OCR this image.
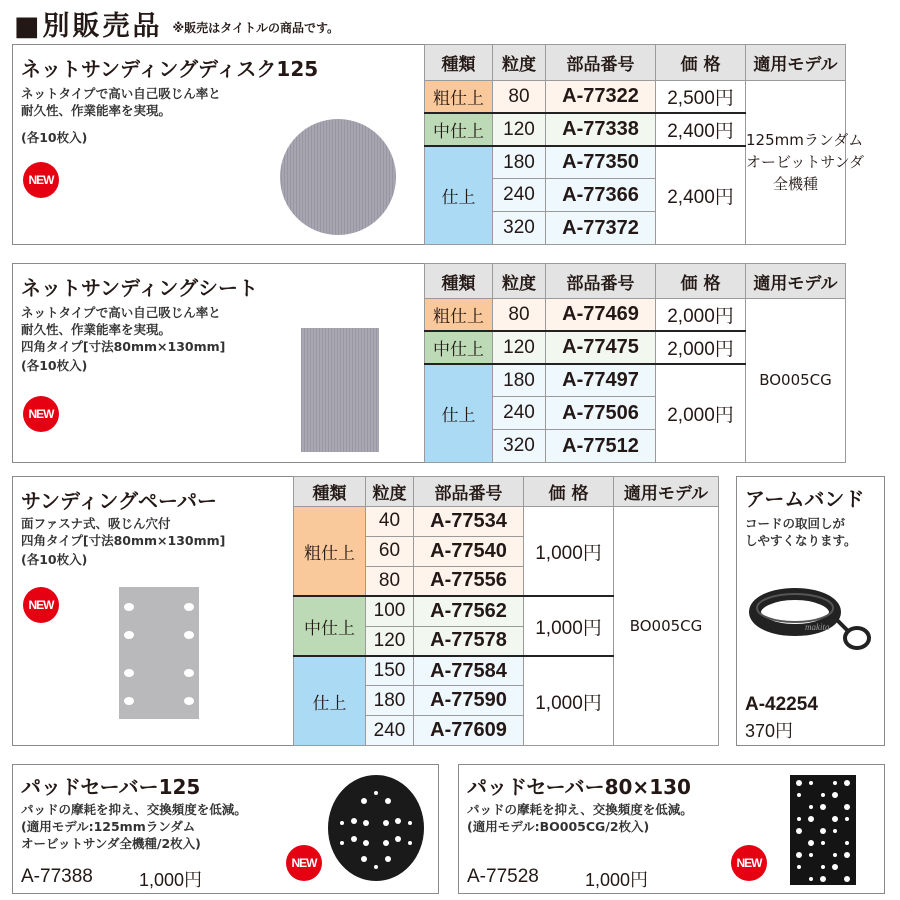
■別販売品 ※販売はタイトルの商品です。
ネットサンディングディスク125
ネットタイプで高い自己吸じん率と
耐久性、作業能率を実現。
(各10枚入)
NEW
種類	粒度	部品番号	価 格	適用モデル
粗仕上	80	A-77322	2,500円	125mmランダム
オービットサンダ
全機種
中仕上	120	A-77338	2,400円	
仕上	180	A-77350	2,400円	
	240	A-77366		
	320	A-77372		
ネットサンディングシート
ネットタイプで高い自己吸じん率と
耐久性、作業能率を実現。
四角タイプ[寸法80mm×130mm]
(各10枚入)
NEW
種類	粒度	部品番号	価 格	適用モデル
粗仕上	80	A-77469	2,000円	BO005CG
中仕上	120	A-77475	2,000円	
仕上	180	A-77497	2,000円	
	240	A-77506		
	320	A-77512		
サンディングペーパー
面ファスナ式、吸じん穴付
四角タイプ[寸法80mm×130mm]
(各10枚入)
NEW
種類	粒度	部品番号	価 格	適用モデル
粗仕上	40	A-77534	1,000円	BO005CG
	60	A-77540		
	80	A-77556		
中仕上	100	A-77562	1,000円	
	120	A-77578		
仕上	150	A-77584	1,000円	
	180	A-77590		
	240	A-77609		
アームバンド
コードの取回しが
しやすくなります。
makita
A-42254
370円
パッドセーバー125
パッドの摩耗を抑え、交換頻度を低減。
(適用モデル:125mmランダム
オービットサンダ全機種/2枚入)
A-77388	1,000円
NEW
パッドセーバー80×130
パッドの摩耗を抑え、交換頻度を低減。
(適用モデル:BO005CG/2枚入)
A-77528	1,000円
NEW
